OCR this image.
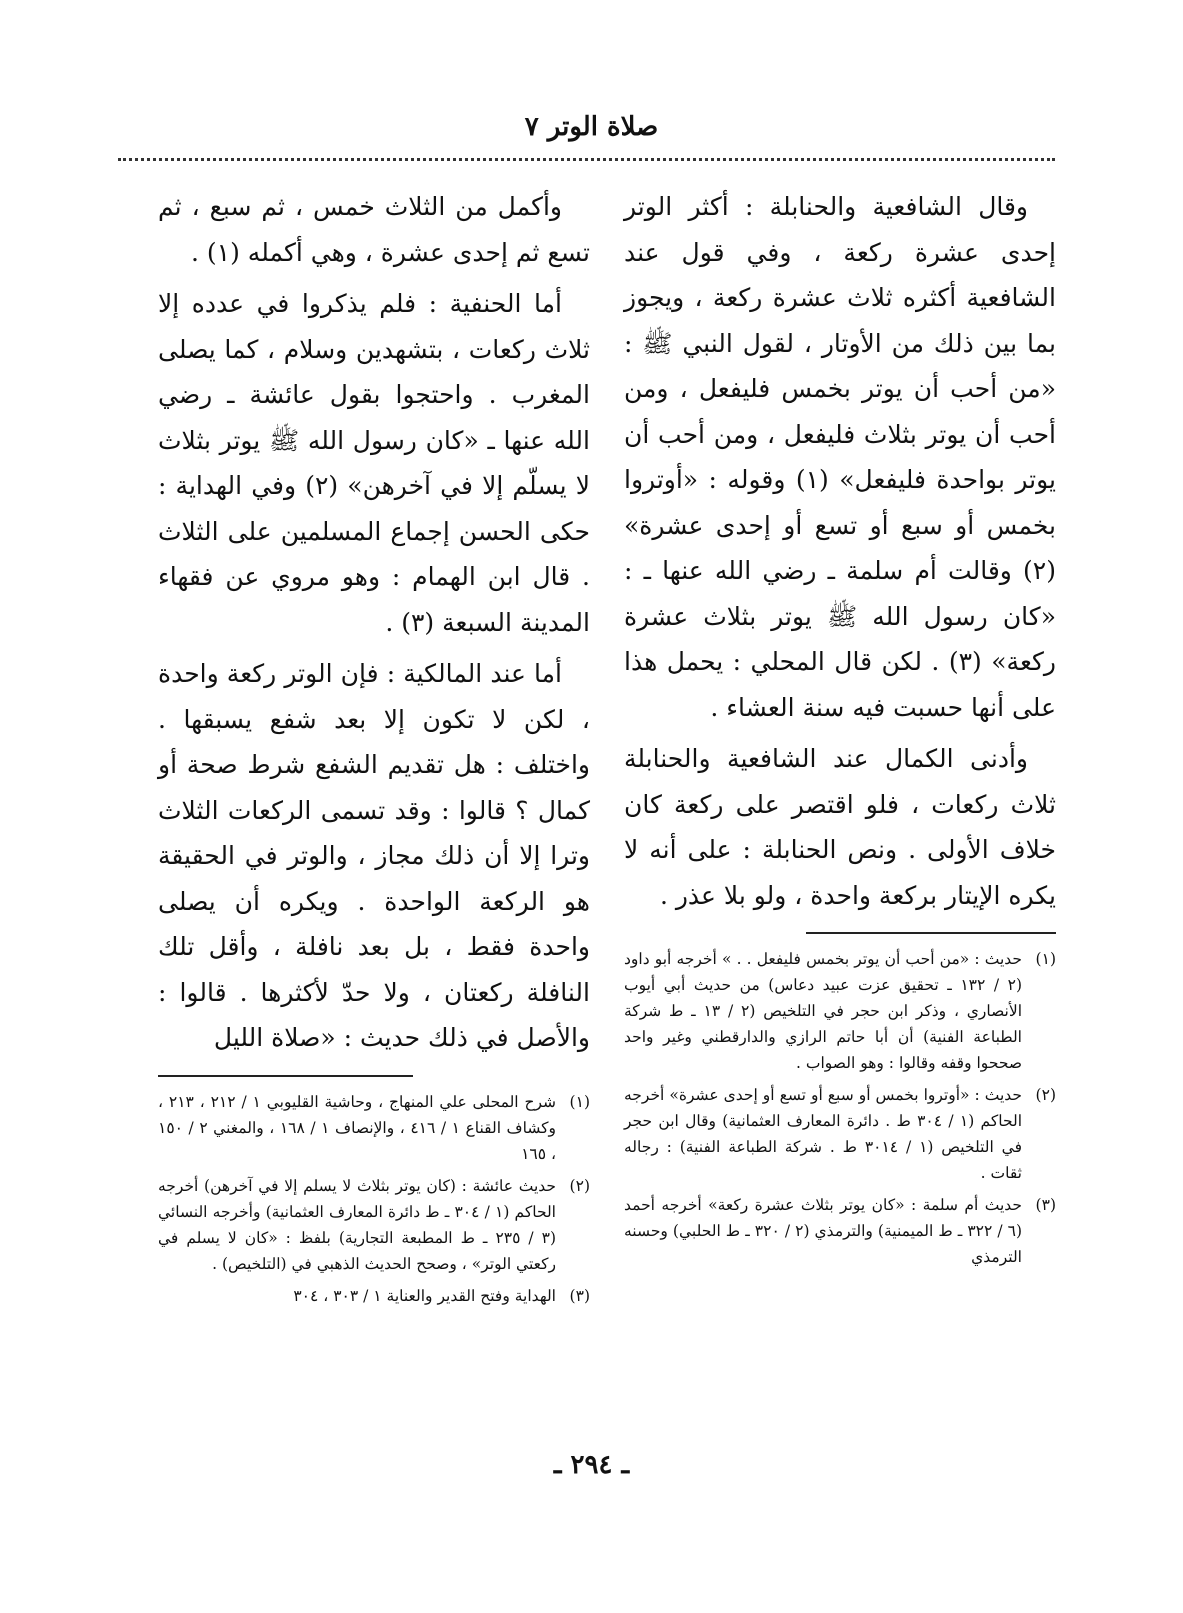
صلاة الوتر ٧

وقال الشافعية والحنابلة : أكثر الوتر إحدى عشرة ركعة ، وفي قول عند الشافعية أكثره ثلاث عشرة ركعة ، ويجوز بما بين ذلك من الأوتار ، لقول النبي ﷺ : «من أحب أن يوتر بخمس فليفعل ، ومن أحب أن يوتر بثلاث فليفعل ، ومن أحب أن يوتر بواحدة فليفعل» (١) وقوله : «أوتروا بخمس أو سبع أو تسع أو إحدى عشرة» (٢) وقالت أم سلمة ـ رضي الله عنها ـ : «كان رسول الله ﷺ يوتر بثلاث عشرة ركعة» (٣) . لكن قال المحلي : يحمل هذا على أنها حسبت فيه سنة العشاء .

وأدنى الكمال عند الشافعية والحنابلة ثلاث ركعات ، فلو اقتصر على ركعة كان خلاف الأولى . ونص الحنابلة : على أنه لا يكره الإيتار بركعة واحدة ، ولو بلا عذر .

(١)
حديث : «من أحب أن يوتر بخمس فليفعل . . » أخرجه أبو داود (٢ / ١٣٢ ـ تحقيق عزت عبيد دعاس) من حديث أبي أيوب الأنصاري ، وذكر ابن حجر في التلخيص (٢ / ١٣ ـ ط شركة الطباعة الفنية) أن أبا حاتم الرازي والدارقطني وغير واحد صححوا وقفه وقالوا : وهو الصواب .
(٢)
حديث : «أوتروا بخمس أو سبع أو تسع أو إحدى عشرة» أخرجه الحاكم (١ / ٣٠٤ ط . دائرة المعارف العثمانية) وقال ابن حجر في التلخيص (١ / ٣٠١٤ ط . شركة الطباعة الفنية) : رجاله ثقات .
(٣)
حديث أم سلمة : «كان يوتر بثلاث عشرة ركعة» أخرجه أحمد (٦ / ٣٢٢ ـ ط الميمنية) والترمذي (٢ / ٣٢٠ ـ ط الحلبي) وحسنه الترمذي

وأكمل من الثلاث خمس ، ثم سبع ، ثم تسع ثم إحدى عشرة ، وهي أكمله (١) .

أما الحنفية : فلم يذكروا في عدده إلا ثلاث ركعات ، بتشهدين وسلام ، كما يصلى المغرب . واحتجوا بقول عائشة ـ رضي الله عنها ـ «كان رسول الله ﷺ يوتر بثلاث لا يسلّم إلا في آخرهن» (٢) وفي الهداية : حكى الحسن إجماع المسلمين على الثلاث . قال ابن الهمام : وهو مروي عن فقهاء المدينة السبعة (٣) .

أما عند المالكية : فإن الوتر ركعة واحدة ، لكن لا تكون إلا بعد شفع يسبقها . واختلف : هل تقديم الشفع شرط صحة أو كمال ؟ قالوا : وقد تسمى الركعات الثلاث وترا إلا أن ذلك مجاز ، والوتر في الحقيقة هو الركعة الواحدة . ويكره أن يصلى واحدة فقط ، بل بعد نافلة ، وأقل تلك النافلة ركعتان ، ولا حدّ لأكثرها . قالوا : والأصل في ذلك حديث : «صلاة الليل

(١)
شرح المحلى علي المنهاج ، وحاشية القليوبي ١ / ٢١٢ ، ٢١٣ ، وكشاف القناع ١ / ٤١٦ ، والإنصاف ١ / ١٦٨ ، والمغني ٢ / ١٥٠ ، ١٦٥
(٢)
حديث عائشة : (كان يوتر بثلاث لا يسلم إلا في آخرهن) أخرجه الحاكم (١ / ٣٠٤ ـ ط دائرة المعارف العثمانية) وأخرجه النسائي (٣ / ٢٣٥ ـ ط المطبعة التجارية) بلفظ : «كان لا يسلم في ركعتي الوتر» ، وصحح الحديث الذهبي في (التلخيص) .
(٣)
الهداية وفتح القدير والعناية ١ / ٣٠٣ ، ٣٠٤
ـ ٢٩٤ ـ
